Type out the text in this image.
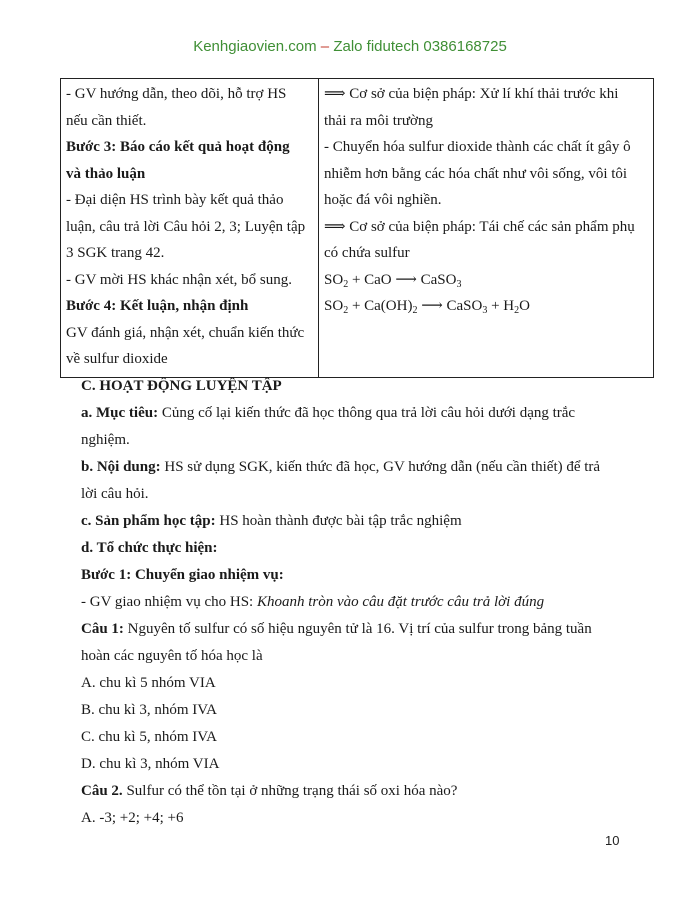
Kenhgiaovien.com – Zalo fidutech 0386168725
- GV hướng dẫn, theo dõi, hỗ trợ HS
nếu cần thiết.
Bước 3: Báo cáo kết quả hoạt động
và thảo luận
- Đại diện HS trình bày kết quả thảo
luận, câu trả lời Câu hỏi 2, 3; Luyện tập
3 SGK trang 42.
- GV mời HS khác nhận xét, bổ sung.
Bước 4: Kết luận, nhận định
GV đánh giá, nhận xét, chuẩn kiến thức
về sulfur dioxide

⟹ Cơ sở của biện pháp: Xử lí khí thải trước khi
thải ra môi trường
- Chuyển hóa sulfur dioxide thành các chất ít gây ô
nhiễm hơn bằng các hóa chất như vôi sống, vôi tôi
hoặc đá vôi nghiền.
⟹ Cơ sở của biện pháp: Tái chế các sản phẩm phụ
có chứa sulfur
$SO_2$ + CaO ⟶ CaSO$_3$
$SO_2 + Ca(OH)_2$ ⟶ CaSO$_3$ + $H_2O$

C. HOẠT ĐỘNG LUYỆN TẬP

a. Mục tiêu: Củng cố lại kiến thức đã học thông qua trả lời câu hỏi dưới dạng trắc

nghiệm.

b. Nội dung: HS sử dụng SGK, kiến thức đã học, GV hướng dẫn (nếu cần thiết) để trả

lời câu hỏi.

c. Sản phẩm học tập: HS hoàn thành được bài tập trắc nghiệm

d. Tổ chức thực hiện:

Bước 1: Chuyển giao nhiệm vụ:

- GV giao nhiệm vụ cho HS: Khoanh tròn vào câu đặt trước câu trả lời đúng

Câu 1: Nguyên tố sulfur có số hiệu nguyên tử là 16. Vị trí của sulfur trong bảng tuần

hoàn các nguyên tố hóa học là

A. chu kì 5 nhóm VIA

B. chu kì 3, nhóm IVA

C. chu kì 5, nhóm IVA

D. chu kì 3, nhóm VIA

Câu 2. Sulfur có thể tồn tại ở những trạng thái số oxi hóa nào?

A. -3; +2; +4; +6

10
